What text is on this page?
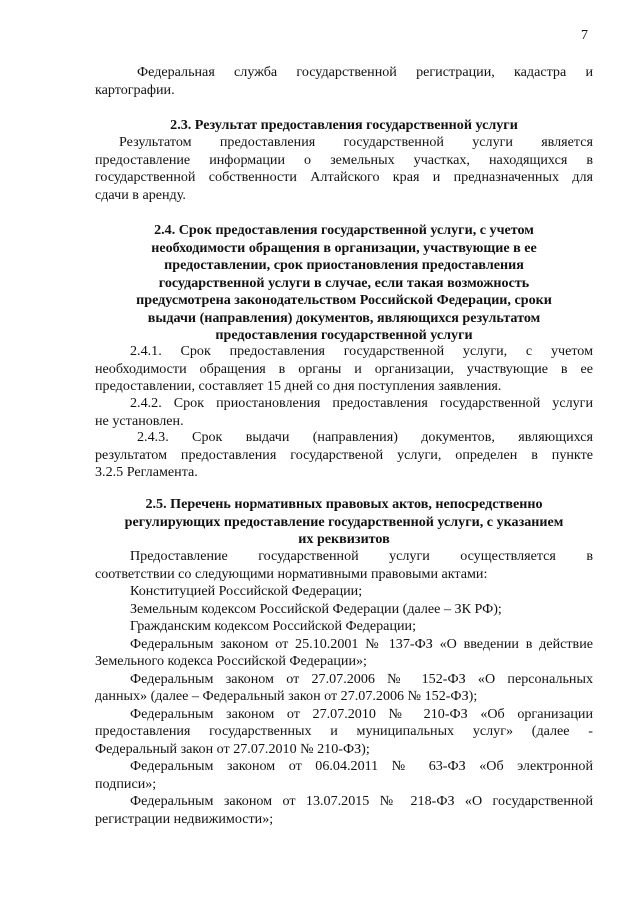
7
Федеральная служба государственной регистрации, кадастра и
картографии.
2.3. Результат предоставления государственной услуги
Результатом предоставления государственной услуги является
предоставление информации о земельных участках, находящихся в
государственной собственности Алтайского края и предназначенных для
сдачи в аренду.
2.4. Срок предоставления государственной услуги, с учетом
необходимости обращения в организации, участвующие в ее
предоставлении, срок приостановления предоставления
государственной услуги в случае, если такая возможность
предусмотрена законодательством Российской Федерации, сроки
выдачи (направления) документов, являющихся результатом
предоставления государственной услуги
2.4.1. Срок предоставления государственной услуги, с учетом
необходимости обращения в органы и организации, участвующие в ее
предоставлении, составляет 15 дней со дня поступления заявления.
2.4.2. Срок приостановления предоставления государственной услуги
не установлен.
2.4.3. Срок выдачи (направления) документов, являющихся
результатом предоставления государственой услуги, определен в пункте
3.2.5 Регламента.
2.5. Перечень нормативных правовых актов, непосредственно
регулирующих предоставление государственной услуги, с указанием
их реквизитов
Предоставление государственной услуги осуществляется в
соответствии со следующими нормативными правовыми актами:
Конституцией Российской Федерации;
Земельным кодексом Российской Федерации (далее – ЗК РФ);
Гражданским кодексом Российской Федерации;
Федеральным законом от 25.10.2001 № 137-ФЗ «О введении в действие
Земельного кодекса Российской Федерации»;
Федеральным законом от 27.07.2006 № 152-ФЗ «О персональных
данных» (далее – Федеральный закон от 27.07.2006 № 152-ФЗ);
Федеральным законом от 27.07.2010 № 210-ФЗ «Об организации
предоставления государственных и муниципальных услуг» (далее -
Федеральный закон от 27.07.2010 № 210-ФЗ);
Федеральным законом от 06.04.2011 № 63-ФЗ «Об электронной
подписи»;
Федеральным законом от 13.07.2015 № 218-ФЗ «О государственной
регистрации недвижимости»;
